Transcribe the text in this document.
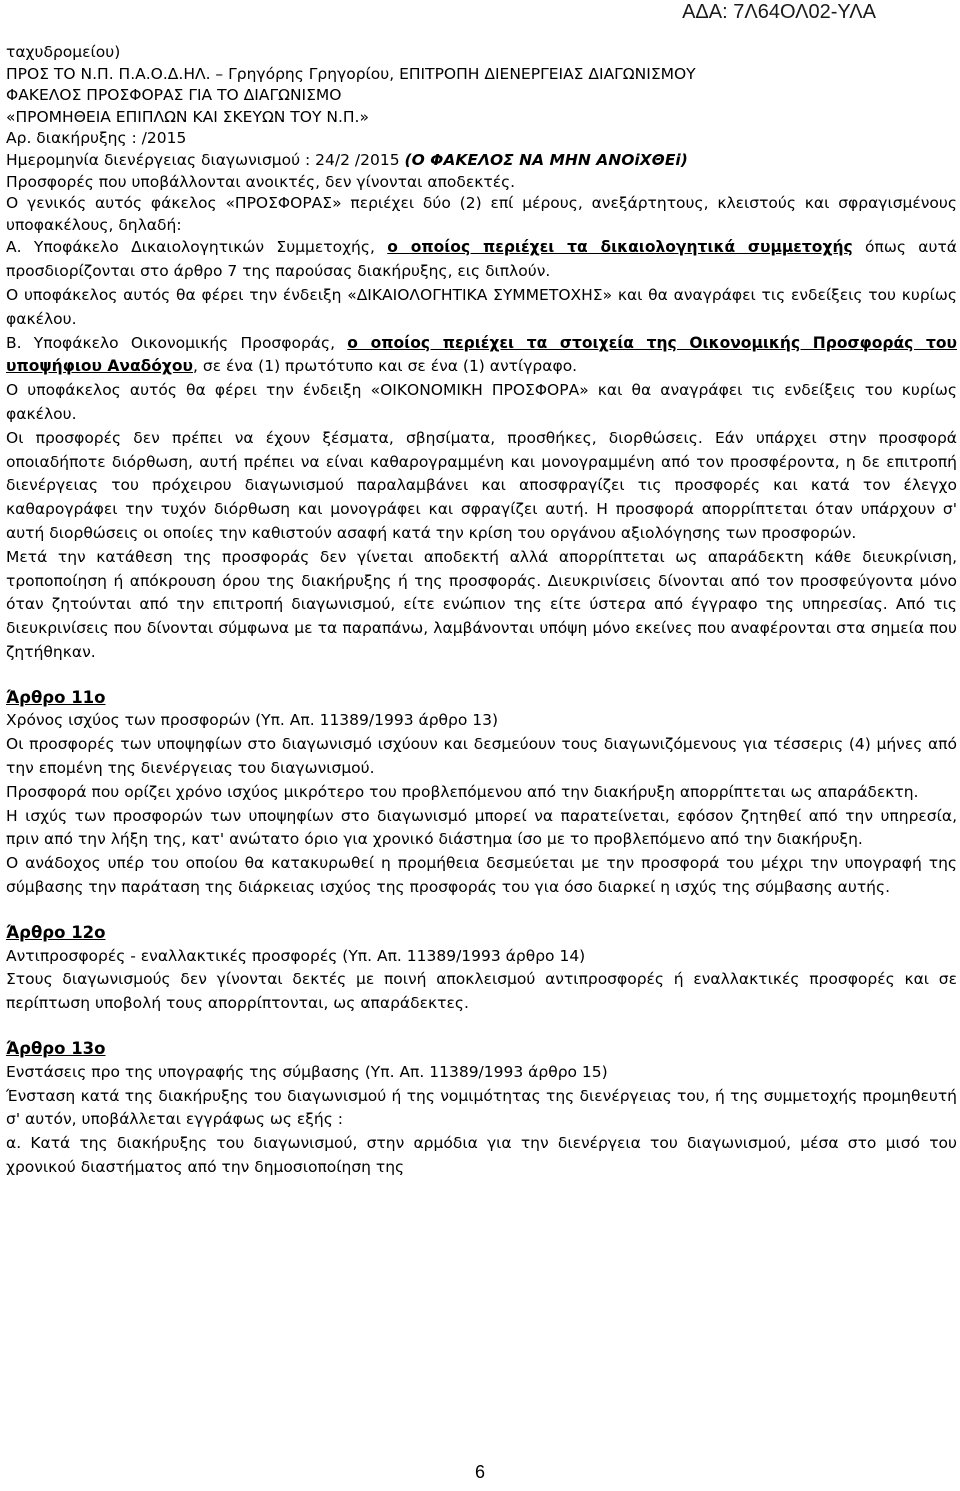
ΑΔΑ: 7Λ64ΟΛ02-ΥΛΑ

ταχυδρομείου)

ΠΡΟΣ ΤΟ Ν.Π. Π.Α.Ο.Δ.ΗΛ. – Γρηγόρης Γρηγορίου, ΕΠΙΤΡΟΠΗ ΔΙΕΝΕΡΓΕΙΑΣ ΔΙΑΓΩΝΙΣΜΟΥ

ΦΑΚΕΛΟΣ ΠΡΟΣΦΟΡΑΣ ΓΙΑ ΤΟ ΔΙΑΓΩΝΙΣΜΟ

«ΠΡΟΜΗΘΕΙΑ ΕΠΙΠΛΩΝ ΚΑΙ ΣΚΕΥΩΝ ΤΟΥ Ν.Π.»

Αρ. διακήρυξης : /2015

Ημερομηνία διενέργειας διαγωνισμού : 24/2 /2015 (Ο ΦΑΚΕΛΟΣ ΝΑ ΜΗΝ ΑΝΟiΧΘΕi)

Προσφορές που υποβάλλονται ανοικτές, δεν γίνονται αποδεκτές.

Ο γενικός αυτός φάκελος «ΠΡΟΣΦΟΡΑΣ» περιέχει δύο (2) επί μέρους, ανεξάρτητους, κλειστούς και σφραγισμένους υποφακέλους, δηλαδή:

Α. Υποφάκελο Δικαιολογητικών Συμμετοχής, ο οποίος περιέχει τα δικαιολογητικά συμμετοχής όπως αυτά προσδιορίζονται στο άρθρο 7 της παρούσας διακήρυξης, εις διπλούν.

Ο υποφάκελος αυτός θα φέρει την ένδειξη «ΔΙΚΑΙΟΛΟΓΗΤΙΚΑ ΣΥΜΜΕΤΟΧΗΣ» και θα αναγράφει τις ενδείξεις του κυρίως φακέλου.

Β. Υποφάκελο Οικονομικής Προσφοράς, ο οποίος περιέχει τα στοιχεία της Οικονομικής Προσφοράς του υποψήφιου Αναδόχου, σε ένα (1) πρωτότυπο και σε ένα (1) αντίγραφο.

Ο υποφάκελος αυτός θα φέρει την ένδειξη «ΟΙΚΟΝΟΜΙΚΗ ΠΡΟΣΦΟΡΑ» και θα αναγράφει τις ενδείξεις του κυρίως φακέλου.

Οι προσφορές δεν πρέπει να έχουν ξέσματα, σβησίματα, προσθήκες, διορθώσεις. Εάν υπάρχει στην προσφορά οποιαδήποτε διόρθωση, αυτή πρέπει να είναι καθαρογραμμένη και μονογραμμένη από τον προσφέροντα, η δε επιτροπή διενέργειας του πρόχειρου διαγωνισμού παραλαμβάνει και αποσφραγίζει τις προσφορές και κατά τον έλεγχο καθαρογράφει την τυχόν διόρθωση και μονογράφει και σφραγίζει αυτή. Η προσφορά απορρίπτεται όταν υπάρχουν σ' αυτή διορθώσεις οι οποίες την καθιστούν ασαφή κατά την κρίση του οργάνου αξιολόγησης των προσφορών.

Μετά την κατάθεση της προσφοράς δεν γίνεται αποδεκτή αλλά απορρίπτεται ως απαράδεκτη κάθε διευκρίνιση, τροποποίηση ή απόκρουση όρου της διακήρυξης ή της προσφοράς. Διευκρινίσεις δίνονται από τον προσφεύγοντα μόνο όταν ζητούνται από την επιτροπή διαγωνισμού, είτε ενώπιον της είτε ύστερα από έγγραφο της υπηρεσίας. Από τις διευκρινίσεις που δίνονται σύμφωνα με τα παραπάνω, λαμβάνονται υπόψη μόνο εκείνες που αναφέρονται στα σημεία που ζητήθηκαν.

Άρθρο 11ο

Χρόνος ισχύος των προσφορών (Υπ. Απ. 11389/1993 άρθρο 13)

Οι προσφορές των υποψηφίων στο διαγωνισμό ισχύουν και δεσμεύουν τους διαγωνιζόμενους για τέσσερις (4) μήνες από την επομένη της διενέργειας του διαγωνισμού.

Προσφορά που ορίζει χρόνο ισχύος μικρότερο του προβλεπόμενου από την διακήρυξη απορρίπτεται ως απαράδεκτη.

Η ισχύς των προσφορών των υποψηφίων στο διαγωνισμό μπορεί να παρατείνεται, εφόσον ζητηθεί από την υπηρεσία, πριν από την λήξη της, κατ' ανώτατο όριο για χρονικό διάστημα ίσο με το προβλεπόμενο από την διακήρυξη.

Ο ανάδοχος υπέρ του οποίου θα κατακυρωθεί η προμήθεια δεσμεύεται με την προσφορά του μέχρι την υπογραφή της σύμβασης την παράταση της διάρκειας ισχύος της προσφοράς του για όσο διαρκεί η ισχύς της σύμβασης αυτής.

Άρθρο 12ο

Αντιπροσφορές - εναλλακτικές προσφορές (Υπ. Απ. 11389/1993 άρθρο 14)

Στους διαγωνισμούς δεν γίνονται δεκτές με ποινή αποκλεισμού αντιπροσφορές ή εναλλακτικές προσφορές και σε περίπτωση υποβολή τους απορρίπτονται, ως απαράδεκτες.

Άρθρο 13ο

Ενστάσεις προ της υπογραφής της σύμβασης (Υπ. Απ. 11389/1993 άρθρο 15)

Ένσταση κατά της διακήρυξης του διαγωνισμού ή της νομιμότητας της διενέργειας του, ή της συμμετοχής προμηθευτή σ' αυτόν, υποβάλλεται εγγράφως ως εξής :

α. Κατά της διακήρυξης του διαγωνισμού, στην αρμόδια για την διενέργεια του διαγωνισμού, μέσα στο μισό του χρονικού διαστήματος από την δημοσιοποίηση της

6
